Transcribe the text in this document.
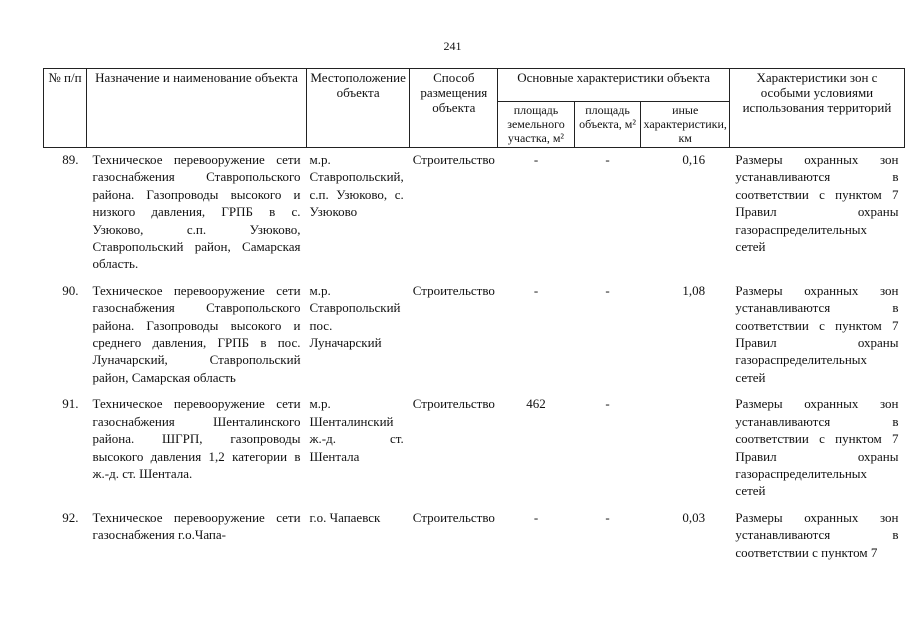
241
№ п/п	Назначение и наименование объекта	Местоположение объекта	Способ размещения объекта	Основные характеристики объекта			Характеристики зон с особыми условиями использования территорий
				площадь земельного участка, м²	площадь объекта, м²	иные характеристики, км	
89.	Техническое перевооружение сети газоснабжения Ставропольского района. Газопроводы высокого и низкого давления, ГРПБ в с. Узюково, с.п. Узюково, Ставропольский район, Самарская область.	м.р. Ставропольский, с.п. Узюково, с. Узюково	Строительство	-	-	0,16	Размеры охранных зон устанавливаются в соответствии с пунктом 7 Правил охраны газораспределительных сетей
90.	Техническое перевооружение сети газоснабжения Ставропольского района. Газопроводы высокого и среднего давления, ГРПБ в пос. Луначарский, Ставропольский район, Самарская область	м.р. Ставропольский пос. Луначарский	Строительство	-	-	1,08	Размеры охранных зон устанавливаются в соответствии с пунктом 7 Правил охраны газораспределительных сетей
91.	Техническое перевооружение сети газоснабжения Шенталинского района. ШГРП, газопроводы высокого давления 1,2 категории в ж.-д. ст. Шентала.	м.р. Шенталинский ж.-д. ст. Шентала	Строительство	462	-		Размеры охранных зон устанавливаются в соответствии с пунктом 7 Правил охраны газораспределительных сетей
92.	Техническое перевооружение сети газоснабжения г.о.Чапа-	г.о. Чапаевск	Строительство	-	-	0,03	Размеры охранных зон устанавливаются в соответствии с пунктом 7
